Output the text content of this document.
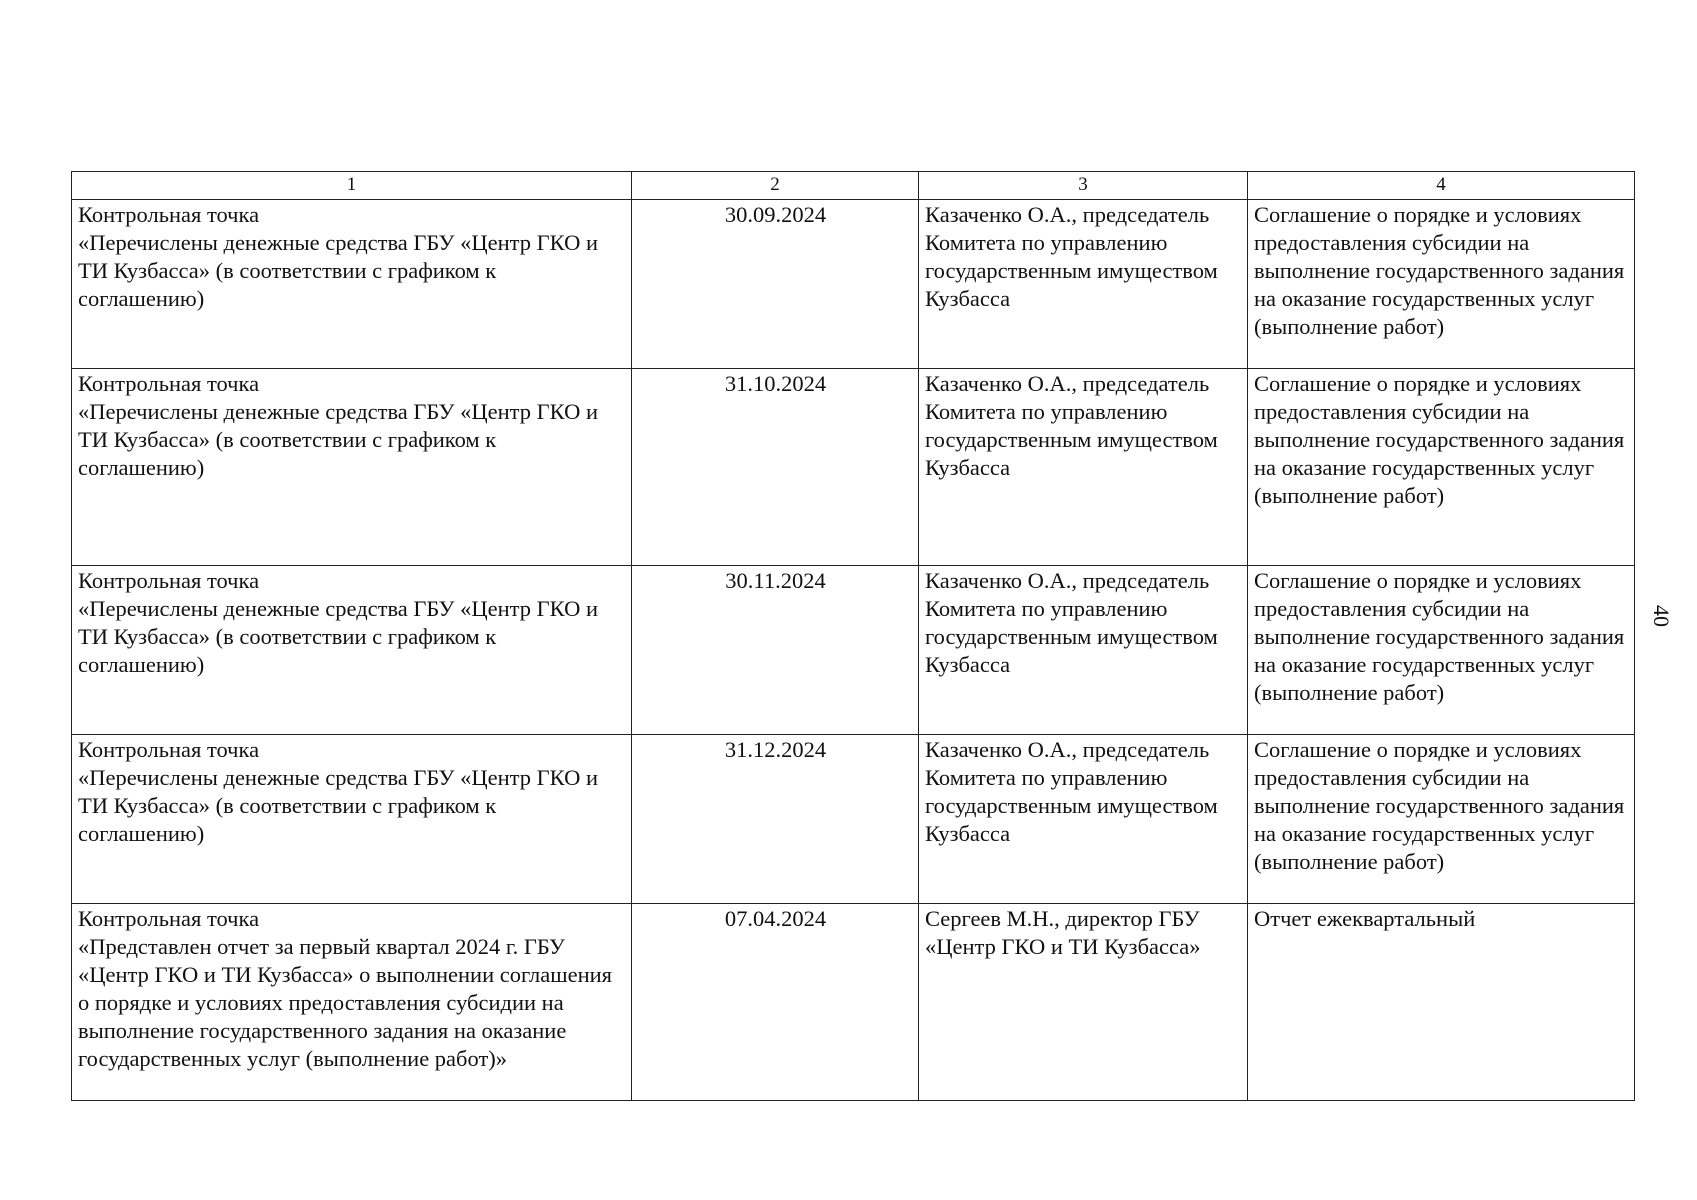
1	2	3	4
Контрольная точка
«Перечислены денежные средства ГБУ «Центр ГКО и ТИ Кузбасса» (в соответствии с графиком к соглашению)	30.09.2024	Казаченко О.А., председатель Комитета по управлению государственным имуществом Кузбасса	Соглашение о порядке и условиях предоставления субсидии на выполнение государственного задания на оказание государственных услуг (выполнение работ)
Контрольная точка
«Перечислены денежные средства ГБУ «Центр ГКО и ТИ Кузбасса» (в соответствии с графиком к соглашению)	31.10.2024	Казаченко О.А., председатель Комитета по управлению государственным имуществом Кузбасса	Соглашение о порядке и условиях предоставления субсидии на выполнение государственного задания на оказание государственных услуг (выполнение работ)
Контрольная точка
«Перечислены денежные средства ГБУ «Центр ГКО и ТИ Кузбасса» (в соответствии с графиком к соглашению)	30.11.2024	Казаченко О.А., председатель Комитета по управлению государственным имуществом Кузбасса	Соглашение о порядке и условиях предоставления субсидии на выполнение государственного задания на оказание государственных услуг (выполнение работ)
Контрольная точка
«Перечислены денежные средства ГБУ «Центр ГКО и ТИ Кузбасса» (в соответствии с графиком к соглашению)	31.12.2024	Казаченко О.А., председатель Комитета по управлению государственным имуществом Кузбасса	Соглашение о порядке и условиях предоставления субсидии на выполнение государственного задания на оказание государственных услуг (выполнение работ)
Контрольная точка
«Представлен отчет за первый квартал 2024 г. ГБУ «Центр ГКО и ТИ Кузбасса» о выполнении соглашения о порядке и условиях предоставления субсидии на выполнение государственного задания на оказание государственных услуг (выполнение работ)»	07.04.2024	Сергеев М.Н., директор ГБУ «Центр ГКО и ТИ Кузбасса»	Отчет ежеквартальный
40
